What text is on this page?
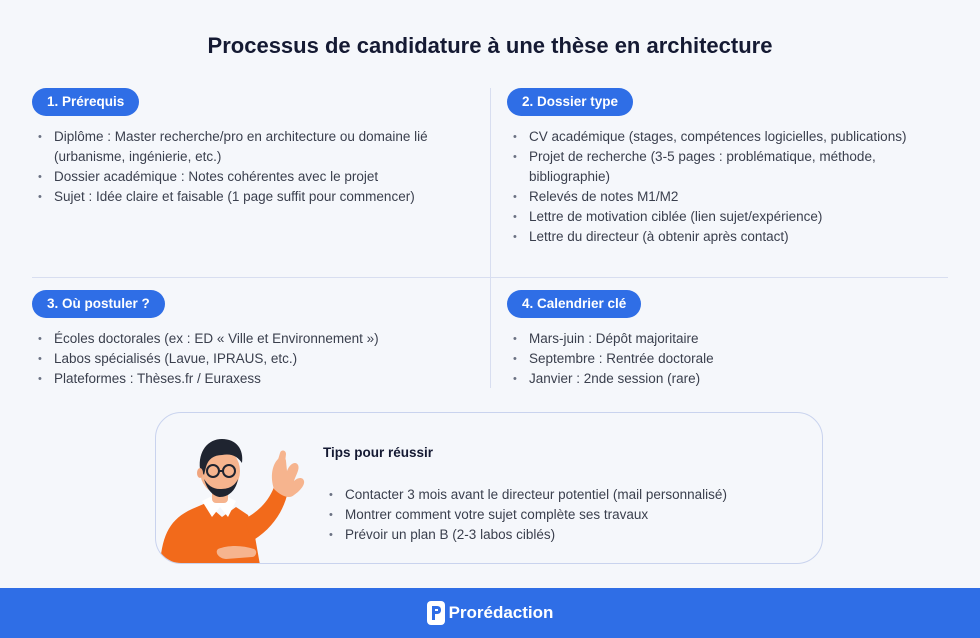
Processus de candidature à une thèse en architecture
1. Prérequis
• Diplôme : Master recherche/pro en architecture ou domaine lié (urbanisme, ingénierie, etc.)
• Dossier académique : Notes cohérentes avec le projet
• Sujet : Idée claire et faisable (1 page suffit pour commencer)
2. Dossier type
• CV académique (stages, compétences logicielles, publications)
• Projet de recherche (3-5 pages : problématique, méthode, bibliographie)
• Relevés de notes M1/M2
• Lettre de motivation ciblée (lien sujet/expérience)
• Lettre du directeur (à obtenir après contact)
3. Où postuler ?
• Écoles doctorales (ex : ED « Ville et Environnement »)
• Labos spécialisés (Lavue, IPRAUS, etc.)
• Plateformes : Thèses.fr / Euraxess
4. Calendrier clé
• Mars-juin : Dépôt majoritaire
• Septembre : Rentrée doctorale
• Janvier : 2nde session (rare)
Tips pour réussir
• Contacter 3 mois avant le directeur potentiel (mail personnalisé)
• Montrer comment votre sujet complète ses travaux
• Prévoir un plan B (2-3 labos ciblés)
Prorédaction
